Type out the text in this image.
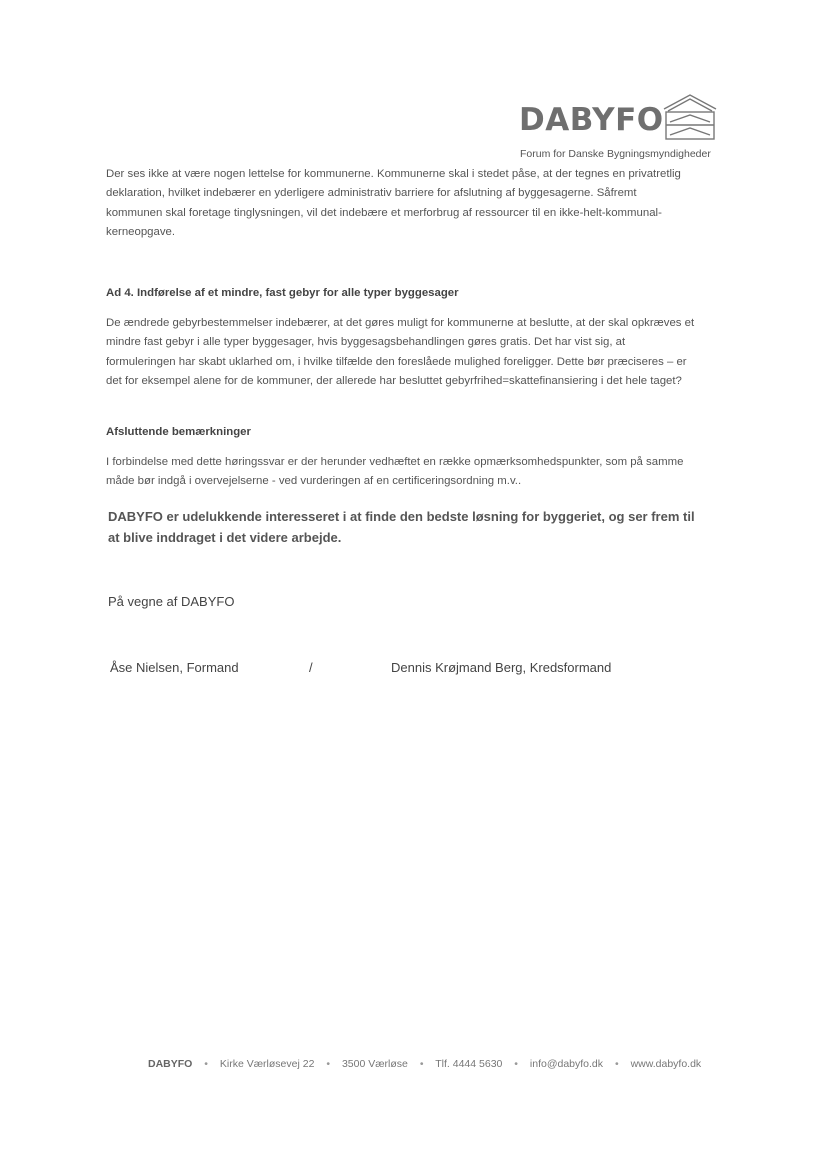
DABYFO
Forum for Danske Bygningsmyndigheder
Der ses ikke at være nogen lettelse for kommunerne. Kommunerne skal i stedet påse, at der tegnes en privatretlig deklaration, hvilket indebærer en yderligere administrativ barriere for afslutning af byggesagerne. Såfremt kommunen skal foretage tinglysningen, vil det indebære et merforbrug af ressourcer til en ikke-helt-kommunal-kerneopgave.
Ad 4. Indførelse af et mindre, fast gebyr for alle typer byggesager
De ændrede gebyrbestemmelser indebærer, at det gøres muligt for kommunerne at beslutte, at der skal opkræves et mindre fast gebyr i alle typer byggesager, hvis byggesagsbehandlingen gøres gratis. Det har vist sig, at formuleringen har skabt uklarhed om, i hvilke tilfælde den foreslåede mulighed foreligger. Dette bør præciseres – er det for eksempel alene for de kommuner, der allerede har besluttet gebyrfrihed=skattefinansiering i det hele taget?
Afsluttende bemærkninger
I forbindelse med dette høringssvar er der herunder vedhæftet en række opmærksomhedspunkter, som på samme måde bør indgå i overvejelserne - ved vurderingen af en certificeringsordning m.v..
DABYFO er udelukkende interesseret i at finde den bedste løsning for byggeriet, og ser frem til at blive inddraget i det videre arbejde.
På vegne af DABYFO
Åse Nielsen, Formand	/	Dennis Krøjmand Berg, Kredsformand
DABYFO • Kirke Værløsevej 22 • 3500 Værløse • Tlf. 4444 5630 • info@dabyfo.dk • www.dabyfo.dk
